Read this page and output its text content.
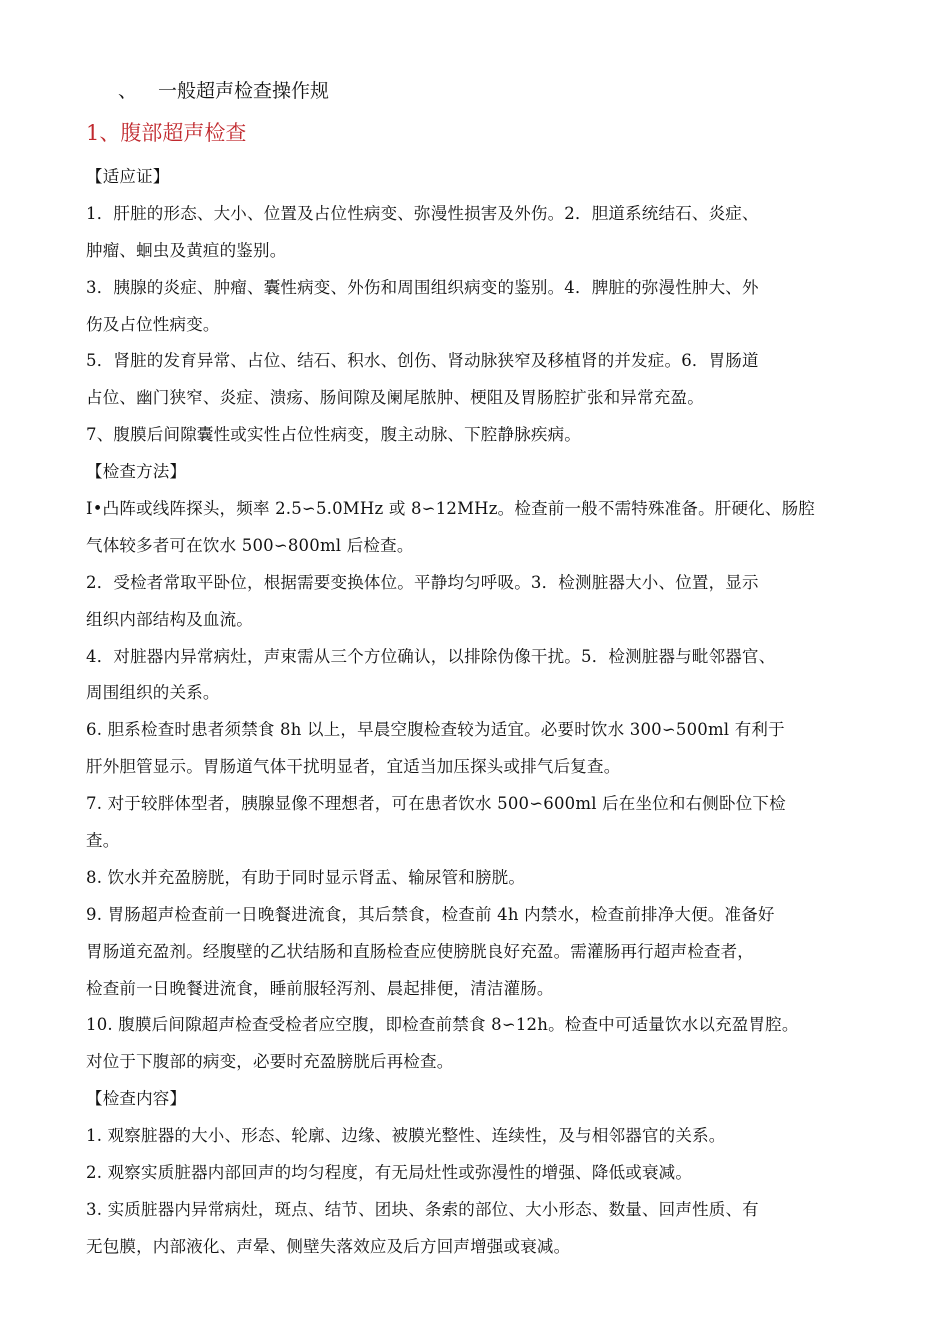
、 一般超声检查操作规
1、腹部超声检查
【适应证】
1．肝脏的形态、大小、位置及占位性病变、弥漫性损害及外伤。2．胆道系统结石、炎症、
肿瘤、蛔虫及黄疸的鉴别。
3．胰腺的炎症、肿瘤、囊性病变、外伤和周围组织病变的鉴别。4．脾脏的弥漫性肿大、外
伤及占位性病变。
5．肾脏的发育异常、占位、结石、积水、创伤、肾动脉狭窄及移植肾的并发症。6．胃肠道
占位、幽门狭窄、炎症、溃疡、肠间隙及阑尾脓肿、梗阻及胃肠腔扩张和异常充盈。
7、腹膜后间隙囊性或实性占位性病变，腹主动脉、下腔静脉疾病。
【检查方法】
I•凸阵或线阵探头，频率 2.5∽5.0MHz 或 8∽12MHz。检查前一般不需特殊准备。肝硬化、肠腔
气体较多者可在饮水 500∽800ml 后检查。
2．受检者常取平卧位，根据需要变换体位。平静均匀呼吸。3．检测脏器大小、位置，显示
组织内部结构及血流。
4．对脏器内异常病灶，声束需从三个方位确认，以排除伪像干扰。5．检测脏器与毗邻器官、
周围组织的关系。
6. 胆系检查时患者须禁食 8h 以上，早晨空腹检查较为适宜。必要时饮水 300∽500ml 有利于
肝外胆管显示。胃肠道气体干扰明显者，宜适当加压探头或排气后复查。
7. 对于较胖体型者，胰腺显像不理想者，可在患者饮水 500∽600ml 后在坐位和右侧卧位下检
查。
8. 饮水并充盈膀胱，有助于同时显示肾盂、输尿管和膀胱。
9. 胃肠超声检查前一日晚餐进流食，其后禁食，检查前 4h 内禁水，检查前排净大便。准备好
胃肠道充盈剂。经腹壁的乙状结肠和直肠检查应使膀胱良好充盈。需灌肠再行超声检查者，
检查前一日晚餐进流食，睡前服轻泻剂、晨起排便，清洁灌肠。
10. 腹膜后间隙超声检查受检者应空腹，即检查前禁食 8∽12h。检查中可适量饮水以充盈胃腔。
对位于下腹部的病变，必要时充盈膀胱后再检查。
【检查内容】
1. 观察脏器的大小、形态、轮廓、边缘、被膜光整性、连续性，及与相邻器官的关系。
2. 观察实质脏器内部回声的均匀程度，有无局灶性或弥漫性的增强、降低或衰减。
3. 实质脏器内异常病灶，斑点、结节、团块、条索的部位、大小形态、数量、回声性质、有
无包膜，内部液化、声晕、侧壁失落效应及后方回声增强或衰减。
